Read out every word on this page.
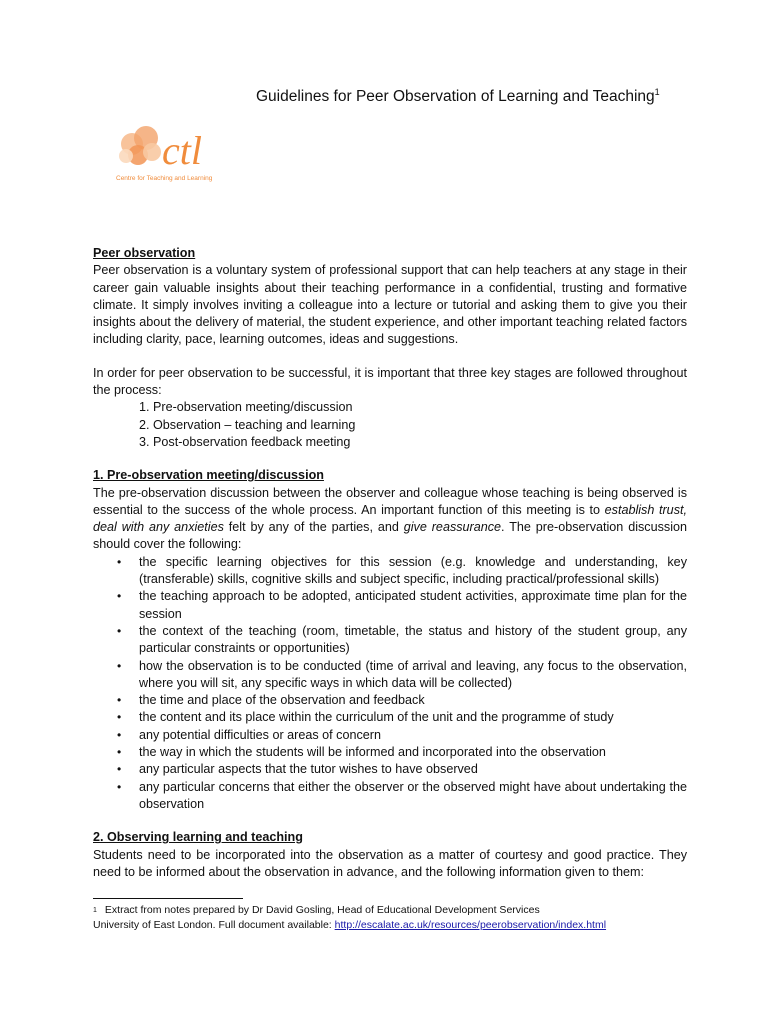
Guidelines for Peer Observation of Learning and Teaching$^1$
ctl
Centre for Teaching and Learning

Peer observation

Peer observation is a voluntary system of professional support that can help teachers at any stage in their career gain valuable insights about their teaching performance in a confidential, trusting and formative climate. It simply involves inviting a colleague into a lecture or tutorial and asking them to give you their insights about the delivery of material, the student experience, and other important teaching related factors including clarity, pace, learning outcomes, ideas and suggestions.

In order for peer observation to be successful, it is important that three key stages are followed throughout the process:

1. Pre-observation meeting/discussion
2. Observation – teaching and learning
3. Post-observation feedback meeting

1. Pre-observation meeting/discussion

The pre-observation discussion between the observer and colleague whose teaching is being observed is essential to the success of the whole process. An important function of this meeting is to establish trust, deal with any anxieties felt by any of the parties, and give reassurance. The pre-observation discussion should cover the following:

• the specific learning objectives for this session (e.g. knowledge and understanding, key (transferable) skills, cognitive skills and subject specific, including practical/professional skills)
• the teaching approach to be adopted, anticipated student activities, approximate time plan for the session
• the context of the teaching (room, timetable, the status and history of the student group, any particular constraints or opportunities)
• how the observation is to be conducted (time of arrival and leaving, any focus to the observation, where you will sit, any specific ways in which data will be collected)
• the time and place of the observation and feedback
• the content and its place within the curriculum of the unit and the programme of study
• any potential difficulties or areas of concern
• the way in which the students will be informed and incorporated into the observation
• any particular aspects that the tutor wishes to have observed
• any particular concerns that either the observer or the observed might have about undertaking the observation

2. Observing learning and teaching

Students need to be incorporated into the observation as a matter of courtesy and good practice. They need to be informed about the observation in advance, and the following information given to them:

$^1$ Extract from notes prepared by Dr David Gosling, Head of Educational Development Services
University of East London. Full document available: http://escalate.ac.uk/resources/peerobservation/index.html
